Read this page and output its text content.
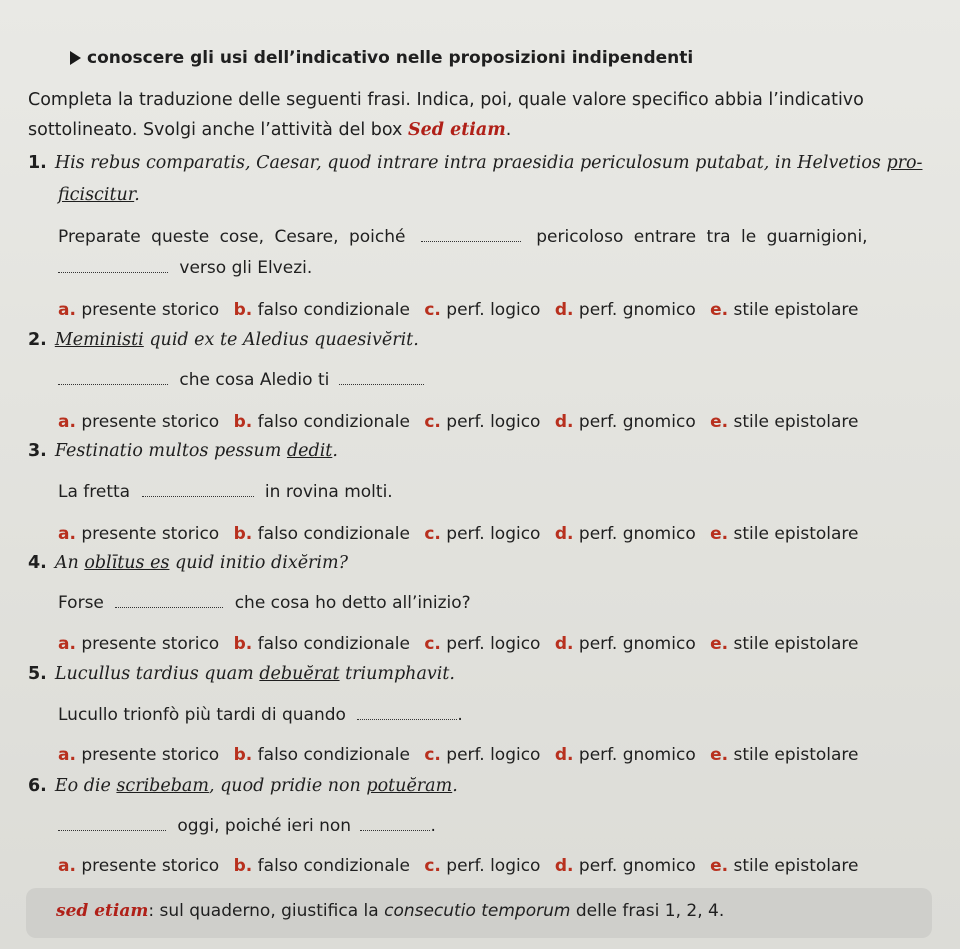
conoscere gli usi dell’indicativo nelle proposizioni indipendenti
Completa la traduzione delle seguenti frasi. Indica, poi, quale valore specifico abbia l’indicativo
sottolineato. Svolgi anche l’attività del box Sed etiam.
1. His rebus comparatis, Caesar, quod intrare intra praesidia periculosum putabat, in Helvetios pro-
ficiscitur.
Preparate queste cose, Cesare, poiché	pericoloso entrare tra le guarnigioni,
verso gli Elvezi.
a. presente storico b. falso condizionale c. perf. logico d. perf. gnomico e. stile epistolare
2. Meministi quid ex te Aledius quaesivĕrit.
che cosa Aledio ti
a. presente storico b. falso condizionale c. perf. logico d. perf. gnomico e. stile epistolare
3. Festinatio multos pessum dedit.
La fretta	in rovina molti.
a. presente storico b. falso condizionale c. perf. logico d. perf. gnomico e. stile epistolare
4. An oblītus es quid initio dixĕrim?
Forse	che cosa ho detto all’inizio?
a. presente storico b. falso condizionale c. perf. logico d. perf. gnomico e. stile epistolare
5. Lucullus tardius quam debuĕrat triumphavit.
Lucullo trionfò più tardi di quando	.
a. presente storico b. falso condizionale c. perf. logico d. perf. gnomico e. stile epistolare
6. Eo die scribebam, quod pridie non potuĕram.
oggi, poiché ieri non	.
a. presente storico b. falso condizionale c. perf. logico d. perf. gnomico e. stile epistolare
sed etiam: sul quaderno, giustifica la consecutio temporum delle frasi 1, 2, 4.
